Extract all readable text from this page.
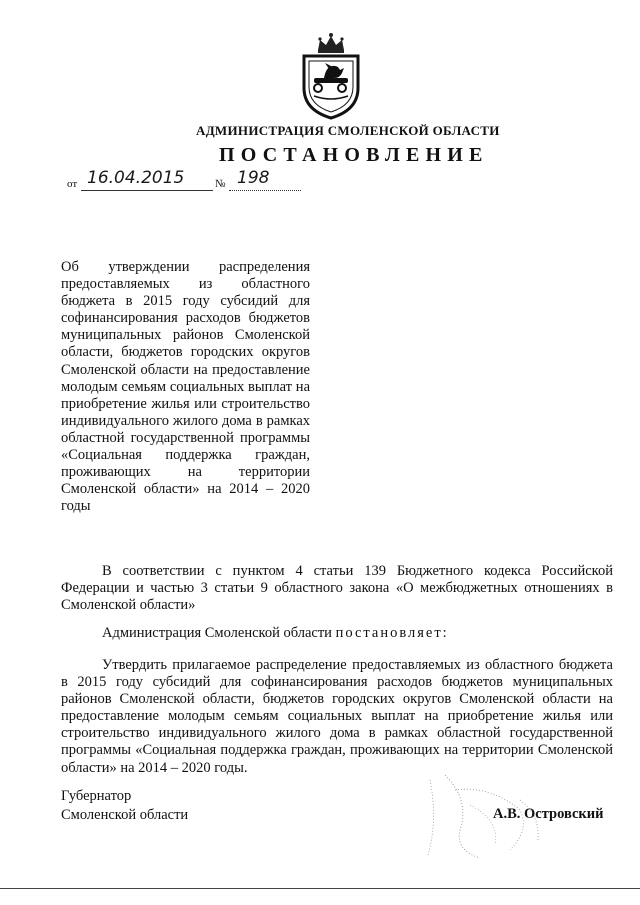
АДМИНИСТРАЦИЯ СМОЛЕНСКОЙ ОБЛАСТИ
ПОСТАНОВЛЕНИЕ
от 16.04.2015	№ 198
Об утверждении распределения предоставляемых из областного бюджета в 2015 году субсидий для софинансирования расходов бюджетов муниципальных районов Смоленской области, бюджетов городских округов Смоленской области на предоставление молодым семьям социальных выплат на приобретение жилья или строительство индивидуального жилого дома в рамках областной государственной программы «Социальная поддержка граждан, проживающих на территории Смоленской области» на 2014 – 2020 годы
В соответствии с пунктом 4 статьи 139 Бюджетного кодекса Российской Федерации и частью 3 статьи 9 областного закона «О межбюджетных отношениях в Смоленской области»
Администрация Смоленской области постановляет:
Утвердить прилагаемое распределение предоставляемых из областного бюджета в 2015 году субсидий для софинансирования расходов бюджетов муниципальных районов Смоленской области, бюджетов городских округов Смоленской области на предоставление молодым семьям социальных выплат на приобретение жилья или строительство индивидуального жилого дома в рамках областной государственной программы «Социальная поддержка граждан, проживающих на территории Смоленской области» на 2014 – 2020 годы.
Губернатор
Смоленской области	А.В. Островский
